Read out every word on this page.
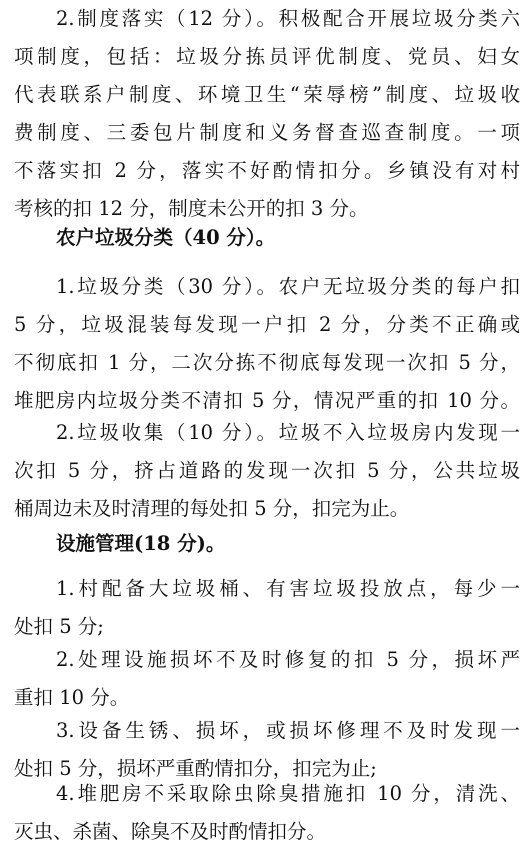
2.制度落实（12 分）。积极配合开展垃圾分类六
项制度，包括：垃圾分拣员评优制度、党员、妇女
代表联系户制度、环境卫生“荣辱榜”制度、垃圾收
费制度、三委包片制度和义务督查巡查制度。一项
不落实扣 2 分，落实不好酌情扣分。乡镇没有对村
考核的扣 12 分，制度未公开的扣 3 分。
农户垃圾分类（40 分）。
1.垃圾分类（30 分）。农户无垃圾分类的每户扣
5 分，垃圾混装每发现一户扣 2 分，分类不正确或
不彻底扣 1 分，二次分拣不彻底每发现一次扣 5 分，
堆肥房内垃圾分类不清扣 5 分，情况严重的扣 10 分。
2.垃圾收集（10 分）。垃圾不入垃圾房内发现一
次扣 5 分，挤占道路的发现一次扣 5 分，公共垃圾
桶周边未及时清理的每处扣 5 分，扣完为止。
设施管理(18 分)。
1.村配备大垃圾桶、有害垃圾投放点，每少一
处扣 5 分;
2.处理设施损坏不及时修复的扣 5 分，损坏严
重扣 10 分。
3.设备生锈、损坏，或损坏修理不及时发现一
处扣 5 分，损坏严重酌情扣分，扣完为止;
4.堆肥房不采取除虫除臭措施扣 10 分，清洗、
灭虫、杀菌、除臭不及时酌情扣分。
